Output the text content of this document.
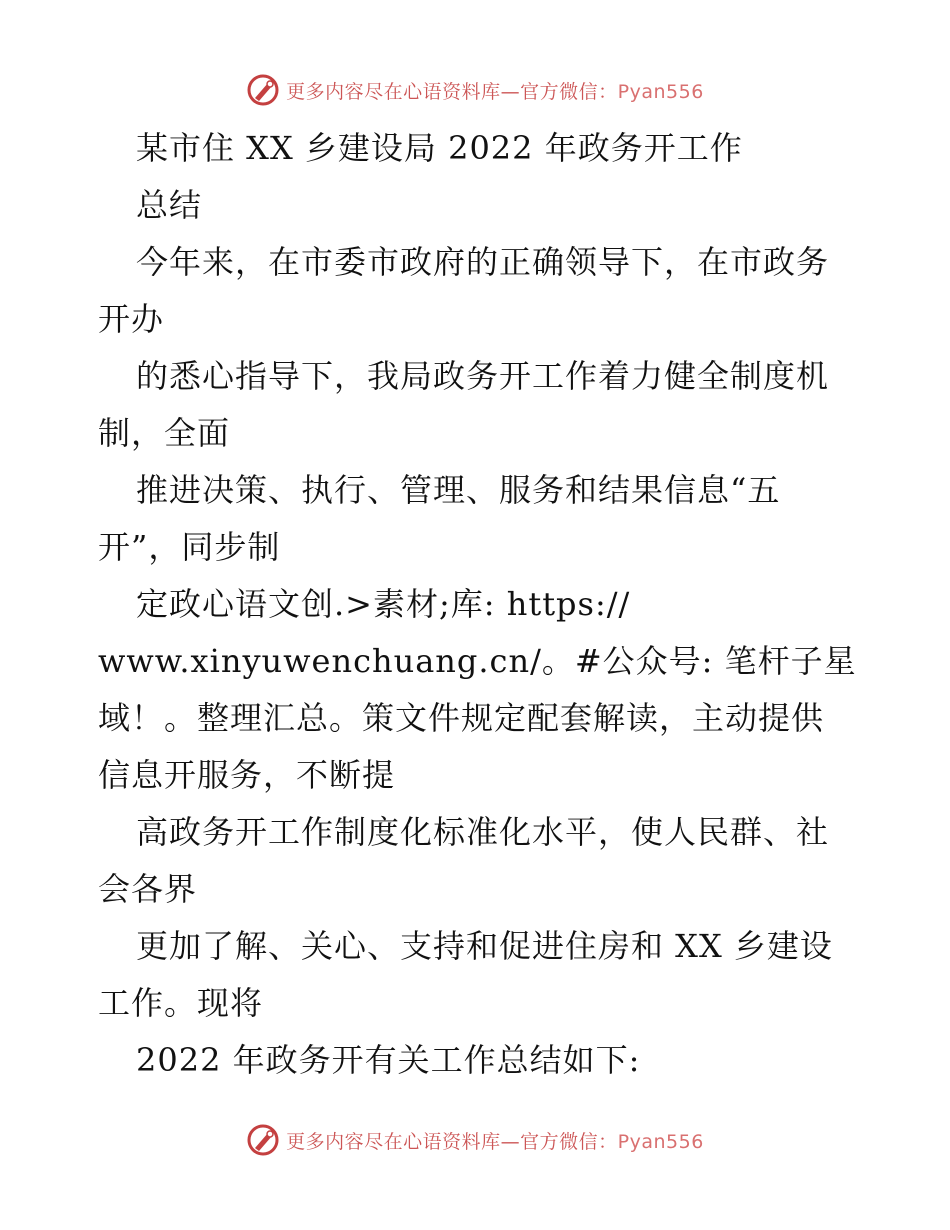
更多内容尽在心语资料库—官方微信：Pyan556
某市住 XX 乡建设局 2022 年政务开工作
总结
今年来，在市委市政府的正确领导下，在市政务
开办
的悉心指导下，我局政务开工作着力健全制度机
制，全面
推进决策、执行、管理、服务和结果信息“五
开”，同步制
定政心语文创.>素材;库: https://
www.xinyuwenchuang.cn/。#公众号: 笔杆子星
域！。整理汇总。策文件规定配套解读，主动提供
信息开服务，不断提
高政务开工作制度化标准化水平，使人民群、社
会各界
更加了解、关心、支持和促进住房和 XX 乡建设
工作。现将
2022 年政务开有关工作总结如下:
更多内容尽在心语资料库—官方微信：Pyan556
